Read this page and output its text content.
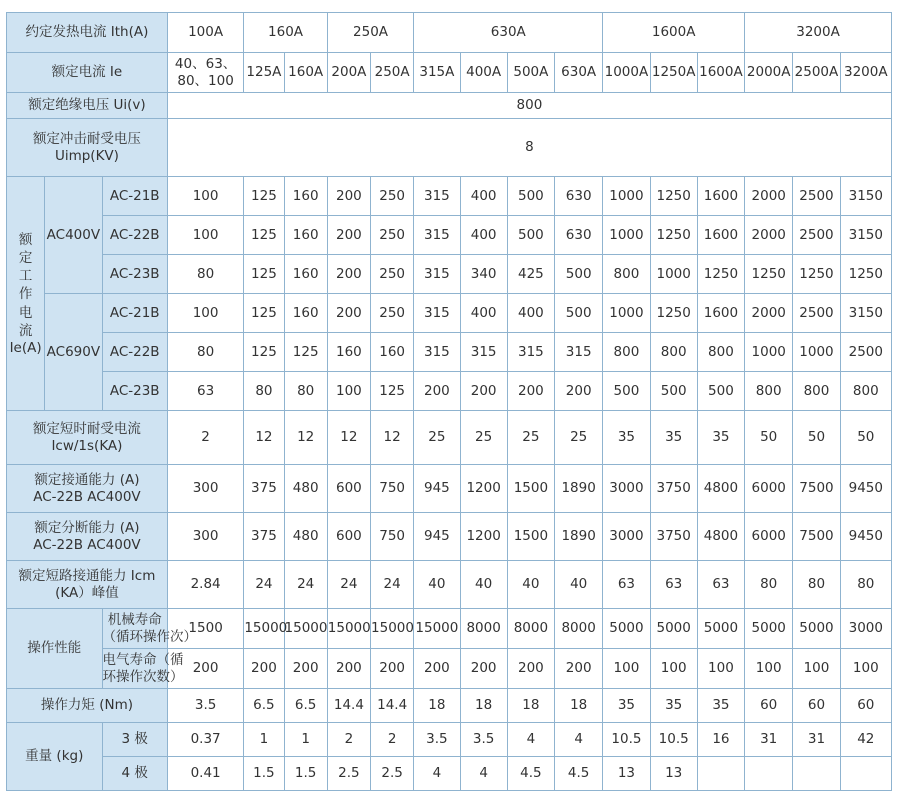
约定发热电流 Ith(A)			100A	160A		250A		630A				1600A			3200A		
额定电流 Ie			40、63、80、100	125A	160A	200A	250A	315A	400A	500A	630A	1000A	1250A	1600A	2000A	2500A	3200A
额定绝缘电压 Ui(v)			800														
额定冲击耐受电压
Uimp(KV)			8														
额定工作电流
Ie(A)	AC400V	AC-21B	100	125	160	200	250	315	400	500	630	1000	1250	1600	2000	2500	3150
		AC-22B	100	125	160	200	250	315	400	500	630	1000	1250	1600	2000	2500	3150
		AC-23B	80	125	160	200	250	315	340	425	500	800	1000	1250	1250	1250	1250
	AC690V	AC-21B	100	125	160	200	250	315	400	400	500	1000	1250	1600	2000	2500	3150
		AC-22B	80	125	125	160	160	315	315	315	315	800	800	800	1000	1000	2500
		AC-23B	63	80	80	100	125	200	200	200	200	500	500	500	800	800	800
额定短时耐受电流
Icw/1s(KA)			2	12	12	12	12	25	25	25	25	35	35	35	50	50	50
额定接通能力 (A)
AC-22B AC400V			300	375	480	600	750	945	1200	1500	1890	3000	3750	4800	6000	7500	9450
额定分断能力 (A)
AC-22B AC400V			300	375	480	600	750	945	1200	1500	1890	3000	3750	4800	6000	7500	9450
额定短路接通能力 Icm
(KA）峰值			2.84	24	24	24	24	40	40	40	40	63	63	63	80	80	80
操作性能		机械寿命
（循环操作次）	1500	15000	15000	15000	15000	15000	8000	8000	8000	5000	5000	5000	5000	5000	3000
		电气寿命（循
环操作次数）	200	200	200	200	200	200	200	200	200	100	100	100	100	100	100
操作力矩 (Nm)			3.5	6.5	6.5	14.4	14.4	18	18	18	18	35	35	35	60	60	60
重量 (kg)		3 极	0.37	1	1	2	2	3.5	3.5	4	4	10.5	10.5	16	31	31	42
		4 极	0.41	1.5	1.5	2.5	2.5	4	4	4.5	4.5	13	13				
